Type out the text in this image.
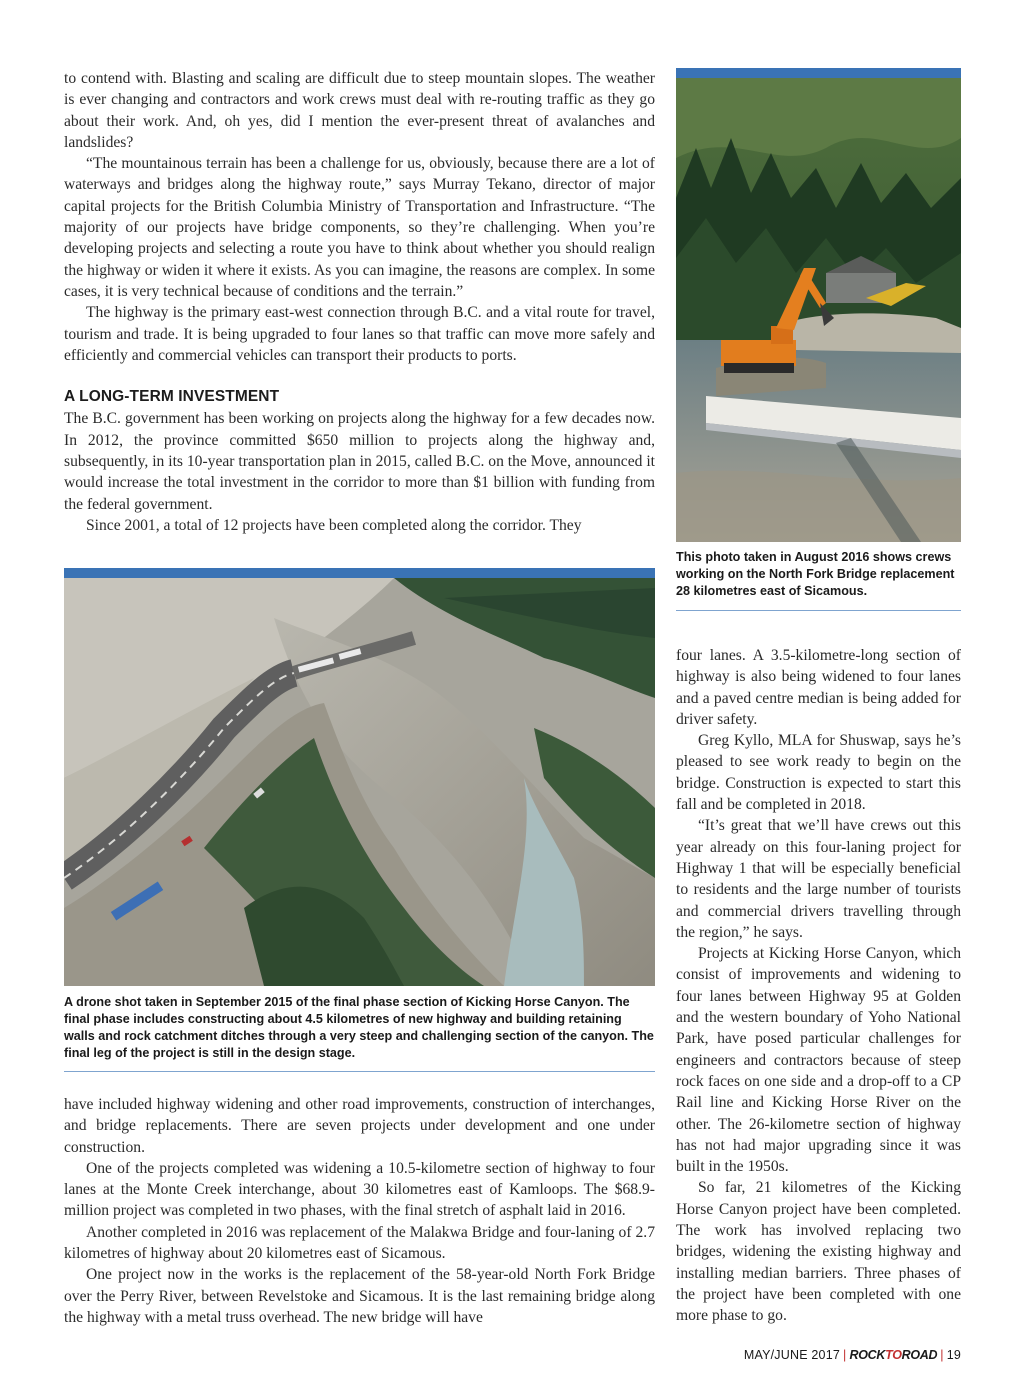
to contend with. Blasting and scaling are difficult due to steep mountain slopes. The weather is ever changing and contractors and work crews must deal with re-routing traffic as they go about their work. And, oh yes, did I mention the ever-present threat of avalanches and landslides?

“The mountainous terrain has been a challenge for us, obviously, because there are a lot of waterways and bridges along the highway route,” says Murray Tekano, director of major capital projects for the British Columbia Ministry of Transportation and Infrastructure. “The majority of our projects have bridge components, so they’re challenging. When you’re developing projects and selecting a route you have to think about whether you should realign the highway or widen it where it exists. As you can imagine, the reasons are complex. In some cases, it is very technical because of conditions and the terrain.”

The highway is the primary east-west connection through B.C. and a vital route for travel, tourism and trade. It is being upgraded to four lanes so that traffic can move more safely and efficiently and commercial vehicles can transport their products to ports.

A LONG-TERM INVESTMENT

The B.C. government has been working on projects along the highway for a few decades now. In 2012, the province committed $650 million to projects along the highway and, subsequently, in its 10-year transportation plan in 2015, called B.C. on the Move, announced it would increase the total investment in the corridor to more than $1 billion with funding from the federal government.

Since 2001, a total of 12 projects have been completed along the corridor. They

This photo taken in August 2016 shows crews working on the North Fork Bridge replacement 28 kilometres east of Sicamous.
A drone shot taken in September 2015 of the final phase section of Kicking Horse Canyon. The final phase includes constructing about 4.5 kilometres of new highway and building retaining walls and rock catchment ditches through a very steep and challenging section of the canyon. The final leg of the project is still in the design stage.

have included highway widening and other road improvements, construction of interchanges, and bridge replacements. There are seven projects under development and one under construction.

One of the projects completed was widening a 10.5-kilometre section of highway to four lanes at the Monte Creek interchange, about 30 kilometres east of Kamloops. The $68.9-million project was completed in two phases, with the final stretch of asphalt laid in 2016.

Another completed in 2016 was replacement of the Malakwa Bridge and four-laning of 2.7 kilometres of highway about 20 kilometres east of Sicamous.

One project now in the works is the replacement of the 58-year-old North Fork Bridge over the Perry River, between Revelstoke and Sicamous. It is the last remaining bridge along the highway with a metal truss overhead. The new bridge will have

four lanes. A 3.5-kilometre-long section of highway is also being widened to four lanes and a paved centre median is being added for driver safety.

Greg Kyllo, MLA for Shuswap, says he’s pleased to see work ready to begin on the bridge. Construction is expected to start this fall and be completed in 2018.

“It’s great that we’ll have crews out this year already on this four-laning project for Highway 1 that will be especially beneficial to residents and the large number of tourists and commercial drivers travelling through the region,” he says.

Projects at Kicking Horse Canyon, which consist of improvements and widening to four lanes between Highway 95 at Golden and the western boundary of Yoho National Park, have posed particular challenges for engineers and contractors because of steep rock faces on one side and a drop-off to a CP Rail line and Kicking Horse River on the other. The 26-kilometre section of highway has not had major upgrading since it was built in the 1950s.

So far, 21 kilometres of the Kicking Horse Canyon project have been completed. The work has involved replacing two bridges, widening the existing highway and installing median barriers. Three phases of the project have been completed with one more phase to go.

MAY/JUNE 2017 | ROCKTOROAD | 19
